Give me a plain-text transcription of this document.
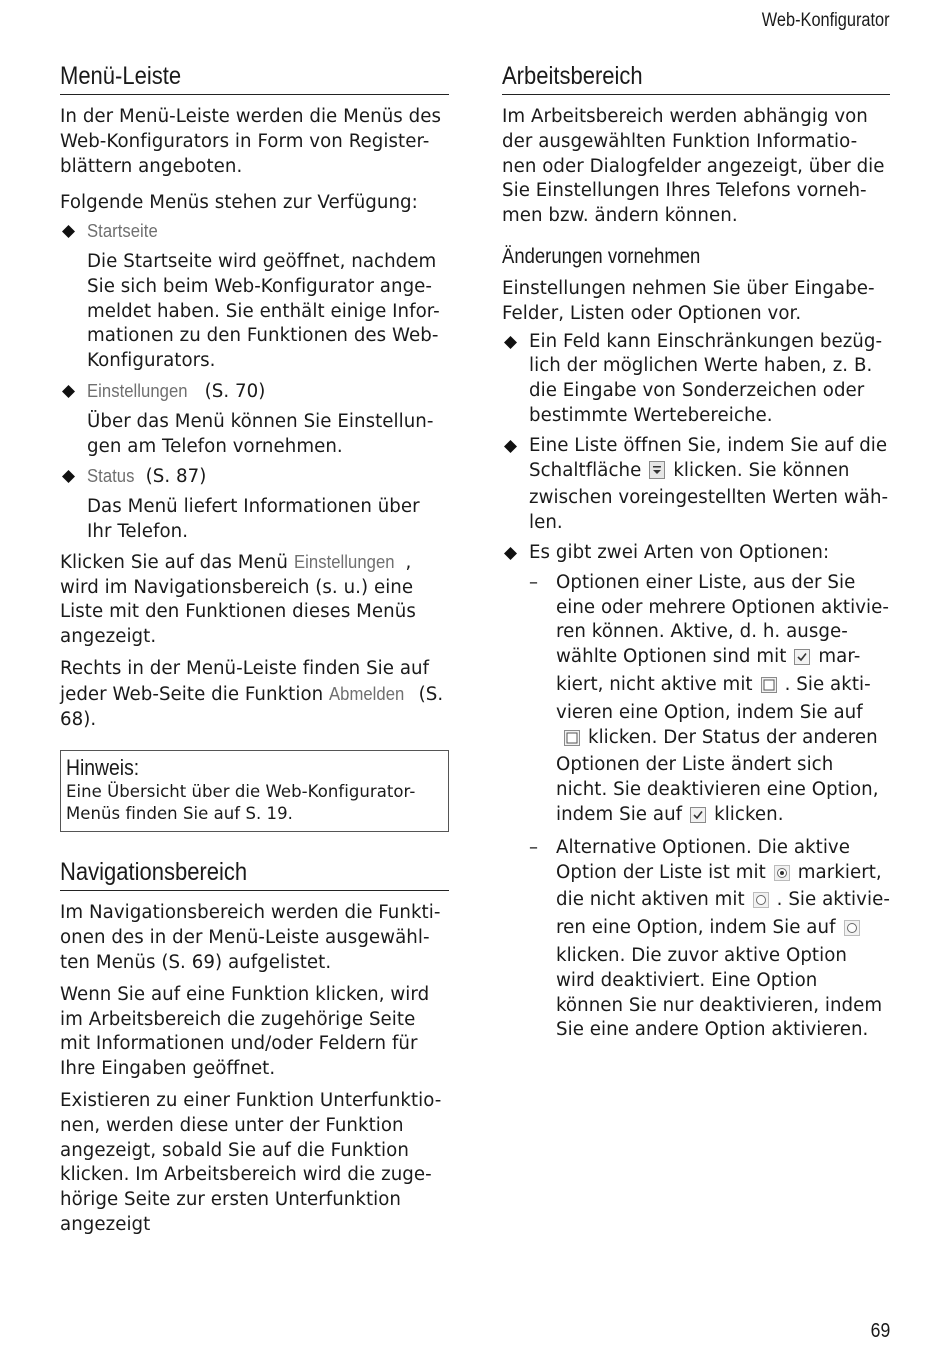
Web-Konfigurator
Menü-Leiste

In der Menü-Leiste werden die Menüs des Web-Konfigurators in Form von Register-blättern angeboten.

Folgende Menüs stehen zur Verfügung:

Startseite

Die Startseite wird geöffnet, nachdem Sie sich beim Web-Konfigurator ange-meldet haben. Sie enthält einige Infor-mationen zu den Funktionen des Web-Konfigurators.

Einstellungen (S. 70)

Über das Menü können Sie Einstellun-gen am Telefon vornehmen.

Status (S. 87)

Das Menü liefert Informationen über Ihr Telefon.

Klicken Sie auf das Menü Einstellungen , wird im Navigationsbereich (s. u.) eine Liste mit den Funktionen dieses Menüs angezeigt.

Rechts in der Menü-Leiste finden Sie auf jeder Web-Seite die Funktion Abmelden (S. 68).

Hinweis:

Eine Übersicht über die Web-Konfigurator-Menüs finden Sie auf S. 19.

Navigationsbereich

Im Navigationsbereich werden die Funkti-onen des in der Menü-Leiste ausgewähl-ten Menüs (S. 69) aufgelistet.

Wenn Sie auf eine Funktion klicken, wird im Arbeitsbereich die zugehörige Seite mit Informationen und/oder Feldern für Ihre Eingaben geöffnet.

Existieren zu einer Funktion Unterfunktio-nen, werden diese unter der Funktion angezeigt, sobald Sie auf die Funktion klicken. Im Arbeitsbereich wird die zuge-hörige Seite zur ersten Unterfunktion angezeigt

Arbeitsbereich

Im Arbeitsbereich werden abhängig von der ausgewählten Funktion Informatio-nen oder Dialogfelder angezeigt, über die Sie Einstellungen Ihres Telefons vorneh-men bzw. ändern können.

Änderungen vornehmen

Einstellungen nehmen Sie über Eingabe-Felder, Listen oder Optionen vor.

Ein Feld kann Einschränkungen bezüg-lich der möglichen Werte haben, z. B. die Eingabe von Sonderzeichen oder bestimmte Wertebereiche.

Eine Liste öffnen Sie, indem Sie auf die Schaltfläche klicken. Sie können zwischen voreingestellten Werten wäh-len.

Es gibt zwei Arten von Optionen:

– Optionen einer Liste, aus der Sie eine oder mehrere Optionen aktivie-ren können. Aktive, d. h. ausge-wählte Optionen sind mit mar-kiert, nicht aktive mit . Sie akti-vieren eine Option, indem Sie aufklicken. Der Status der anderen Optionen der Liste ändert sich nicht. Sie deaktivieren eine Option, indem Sie auf klicken.

– Alternative Optionen. Die aktive Option der Liste ist mit markiert, die nicht aktiven mit . Sie aktivie-ren eine Option, indem Sie aufklicken. Die zuvor aktive Option wird deaktiviert. Eine Option können Sie nur deaktivieren, indem Sie eine andere Option aktivieren.

69
